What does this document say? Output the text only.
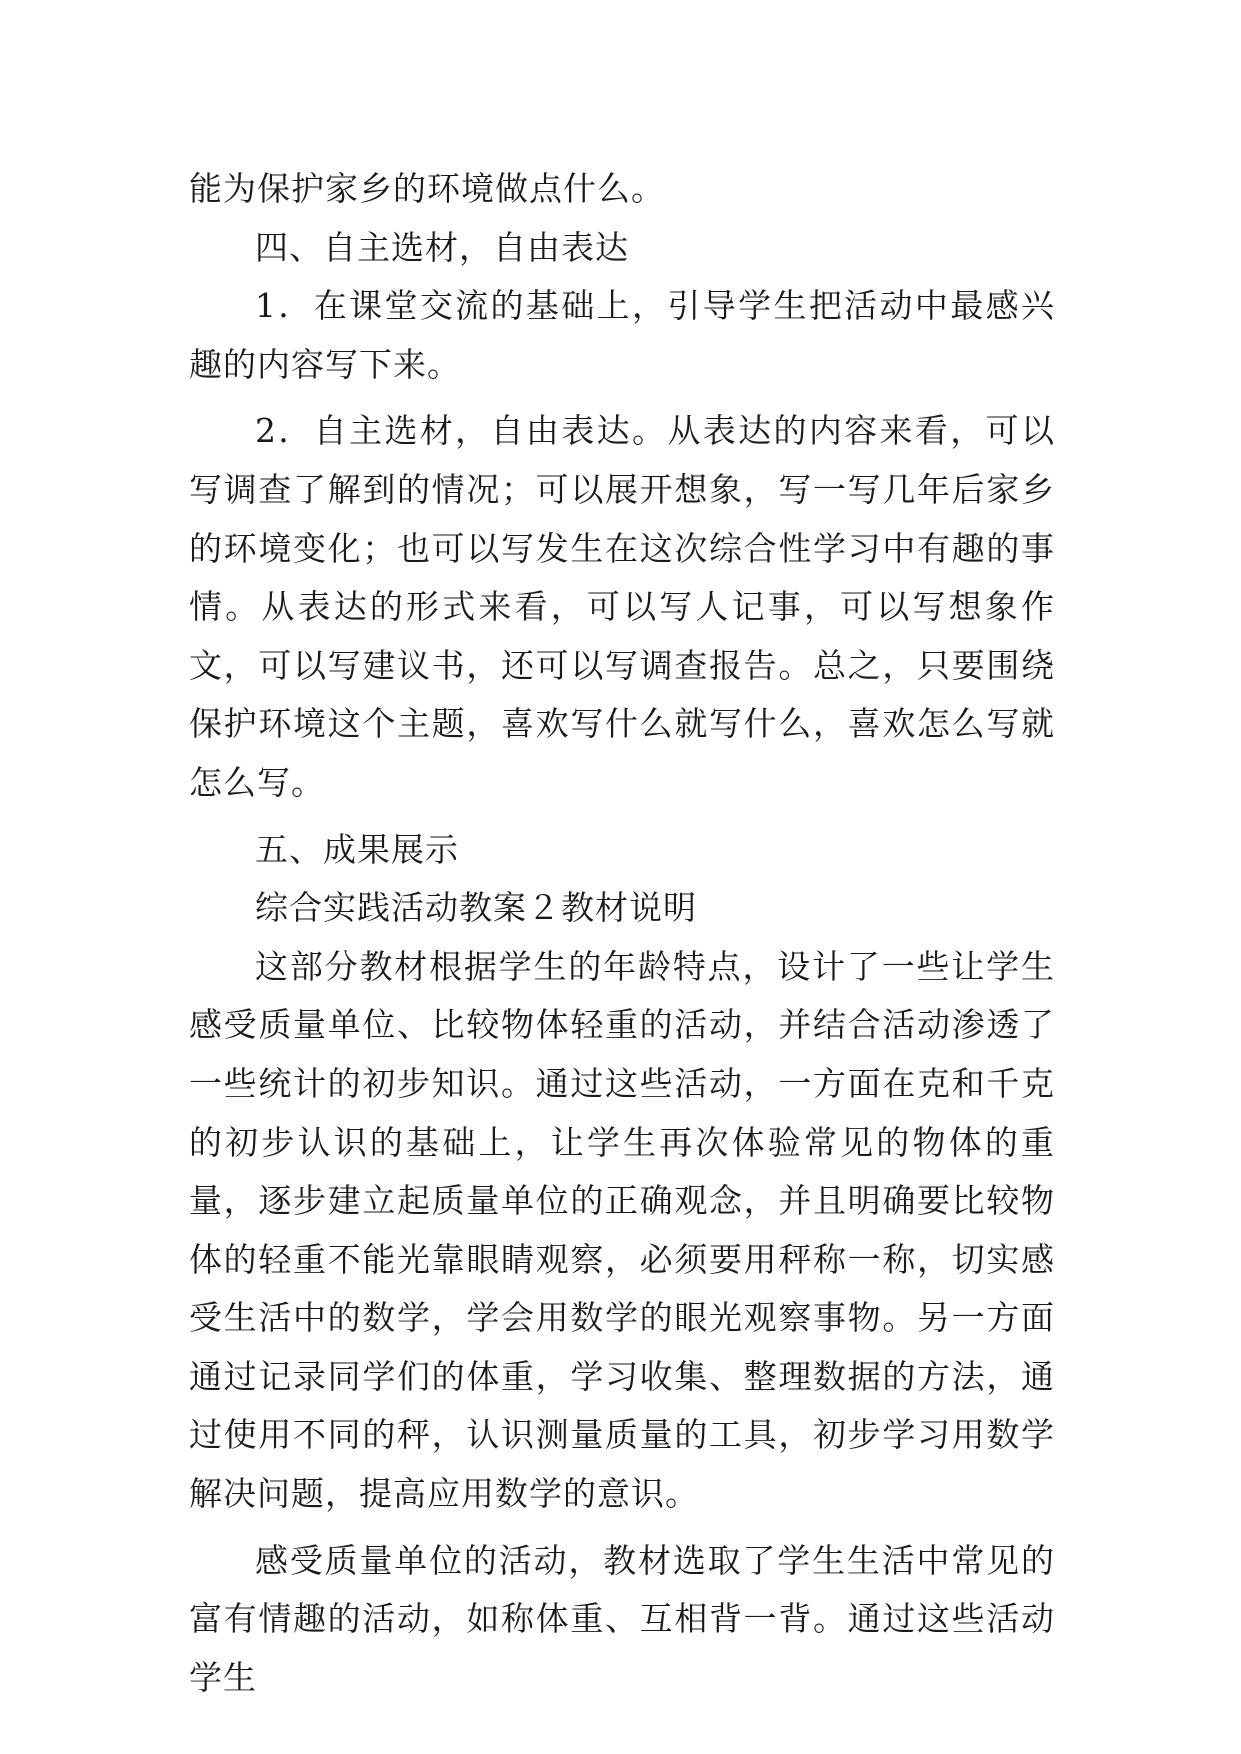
能为保护家乡的环境做点什么。

四、自主选材，自由表达

1．在课堂交流的基础上，引导学生把活动中最感兴趣的内容写下来。

2．自主选材，自由表达。从表达的内容来看，可以写调查了解到的情况；可以展开想象，写一写几年后家乡的环境变化；也可以写发生在这次综合性学习中有趣的事情。从表达的形式来看，可以写人记事，可以写想象作文，可以写建议书，还可以写调查报告。总之，只要围绕保护环境这个主题，喜欢写什么就写什么，喜欢怎么写就怎么写。

五、成果展示

综合实践活动教案２教材说明

这部分教材根据学生的年龄特点，设计了一些让学生感受质量单位、比较物体轻重的活动，并结合活动渗透了一些统计的初步知识。通过这些活动，一方面在克和千克的初步认识的基础上，让学生再次体验常见的物体的重量，逐步建立起质量单位的正确观念，并且明确要比较物体的轻重不能光靠眼睛观察，必须要用秤称一称，切实感受生活中的数学，学会用数学的眼光观察事物。另一方面通过记录同学们的体重，学习收集、整理数据的方法，通过使用不同的秤，认识测量质量的工具，初步学习用数学解决问题，提高应用数学的意识。

感受质量单位的活动，教材选取了学生生活中常见的富有情趣的活动，如称体重、互相背一背。通过这些活动学生
